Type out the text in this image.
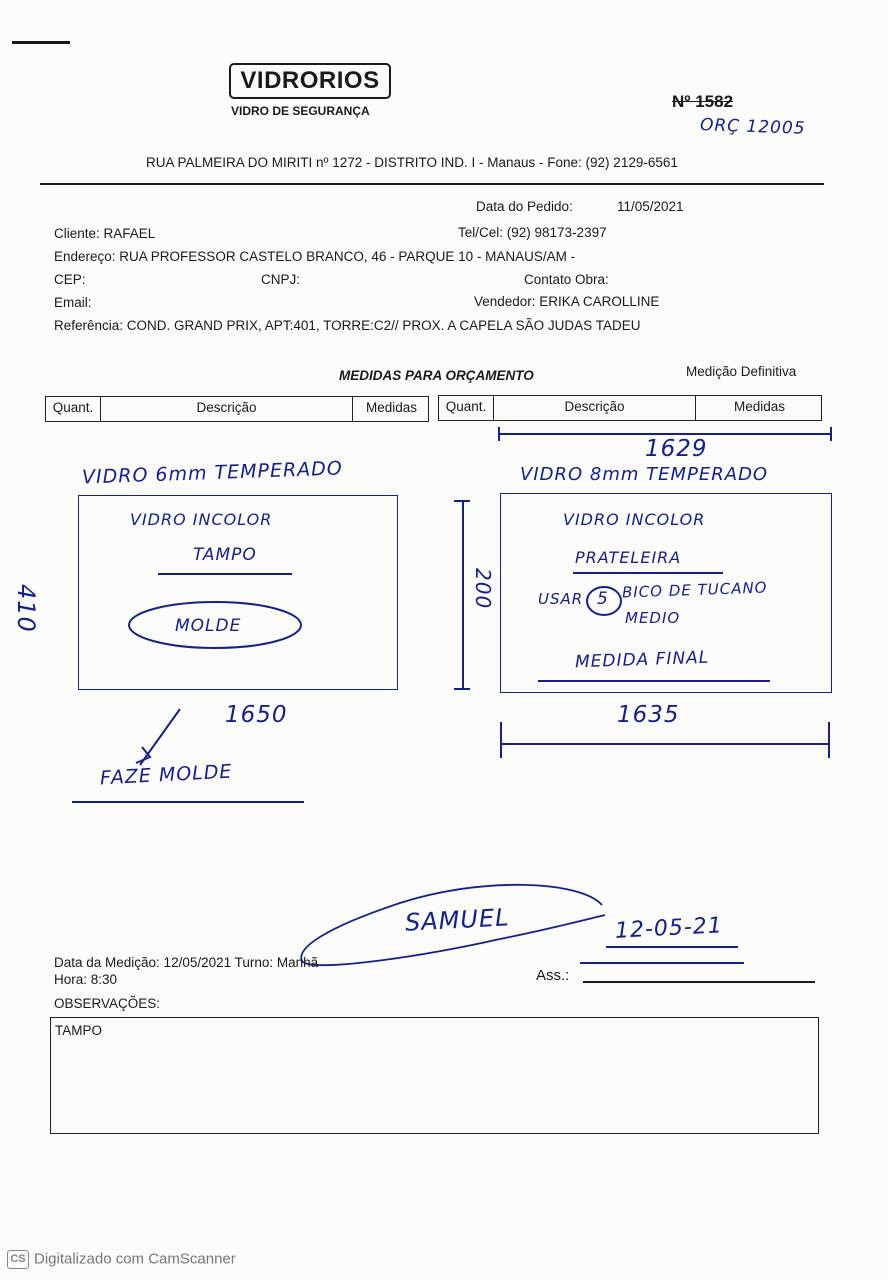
VIDRORIOS
VIDRO DE SEGURANÇA	Nº 1582
ORÇ 12005
RUA PALMEIRA DO MIRITI nº 1272 - DISTRITO IND. I - Manaus - Fone: (92) 2129-6561
Data do Pedido:	11/05/2021
Cliente: RAFAEL	Tel/Cel: (92) 98173-2397
Endereço: RUA PROFESSOR CASTELO BRANCO, 46 - PARQUE 10 - MANAUS/AM -
CEP:	CNPJ:	Contato Obra:
Email:	Vendedor: ERIKA CAROLLINE
Referência: COND. GRAND PRIX, APT:401, TORRE:C2// PROX. A CAPELA SÃO JUDAS TADEU
MEDIDAS PARA ORÇAMENTO	Medição Definitiva
Quant.	Descrição	Medidas	Quant.	Descrição	Medidas
VIDRO 6mm TEMPERADO
VIDRO INCOLOR
TAMPO
MOLDE
410
1650
FAZE MOLDE
1629
VIDRO 8mm TEMPERADO
VIDRO INCOLOR
PRATELEIRA
USAR 5 BICO DE TUCANO
MEDIO
MEDIDA FINAL
200
1635
SAMUEL	12-05-21
Data da Medição: 12/05/2021 Turno: Manhã
Hora: 8:30	Ass.:
OBSERVAÇÕES:
TAMPO
CS Digitalizado com CamScanner
